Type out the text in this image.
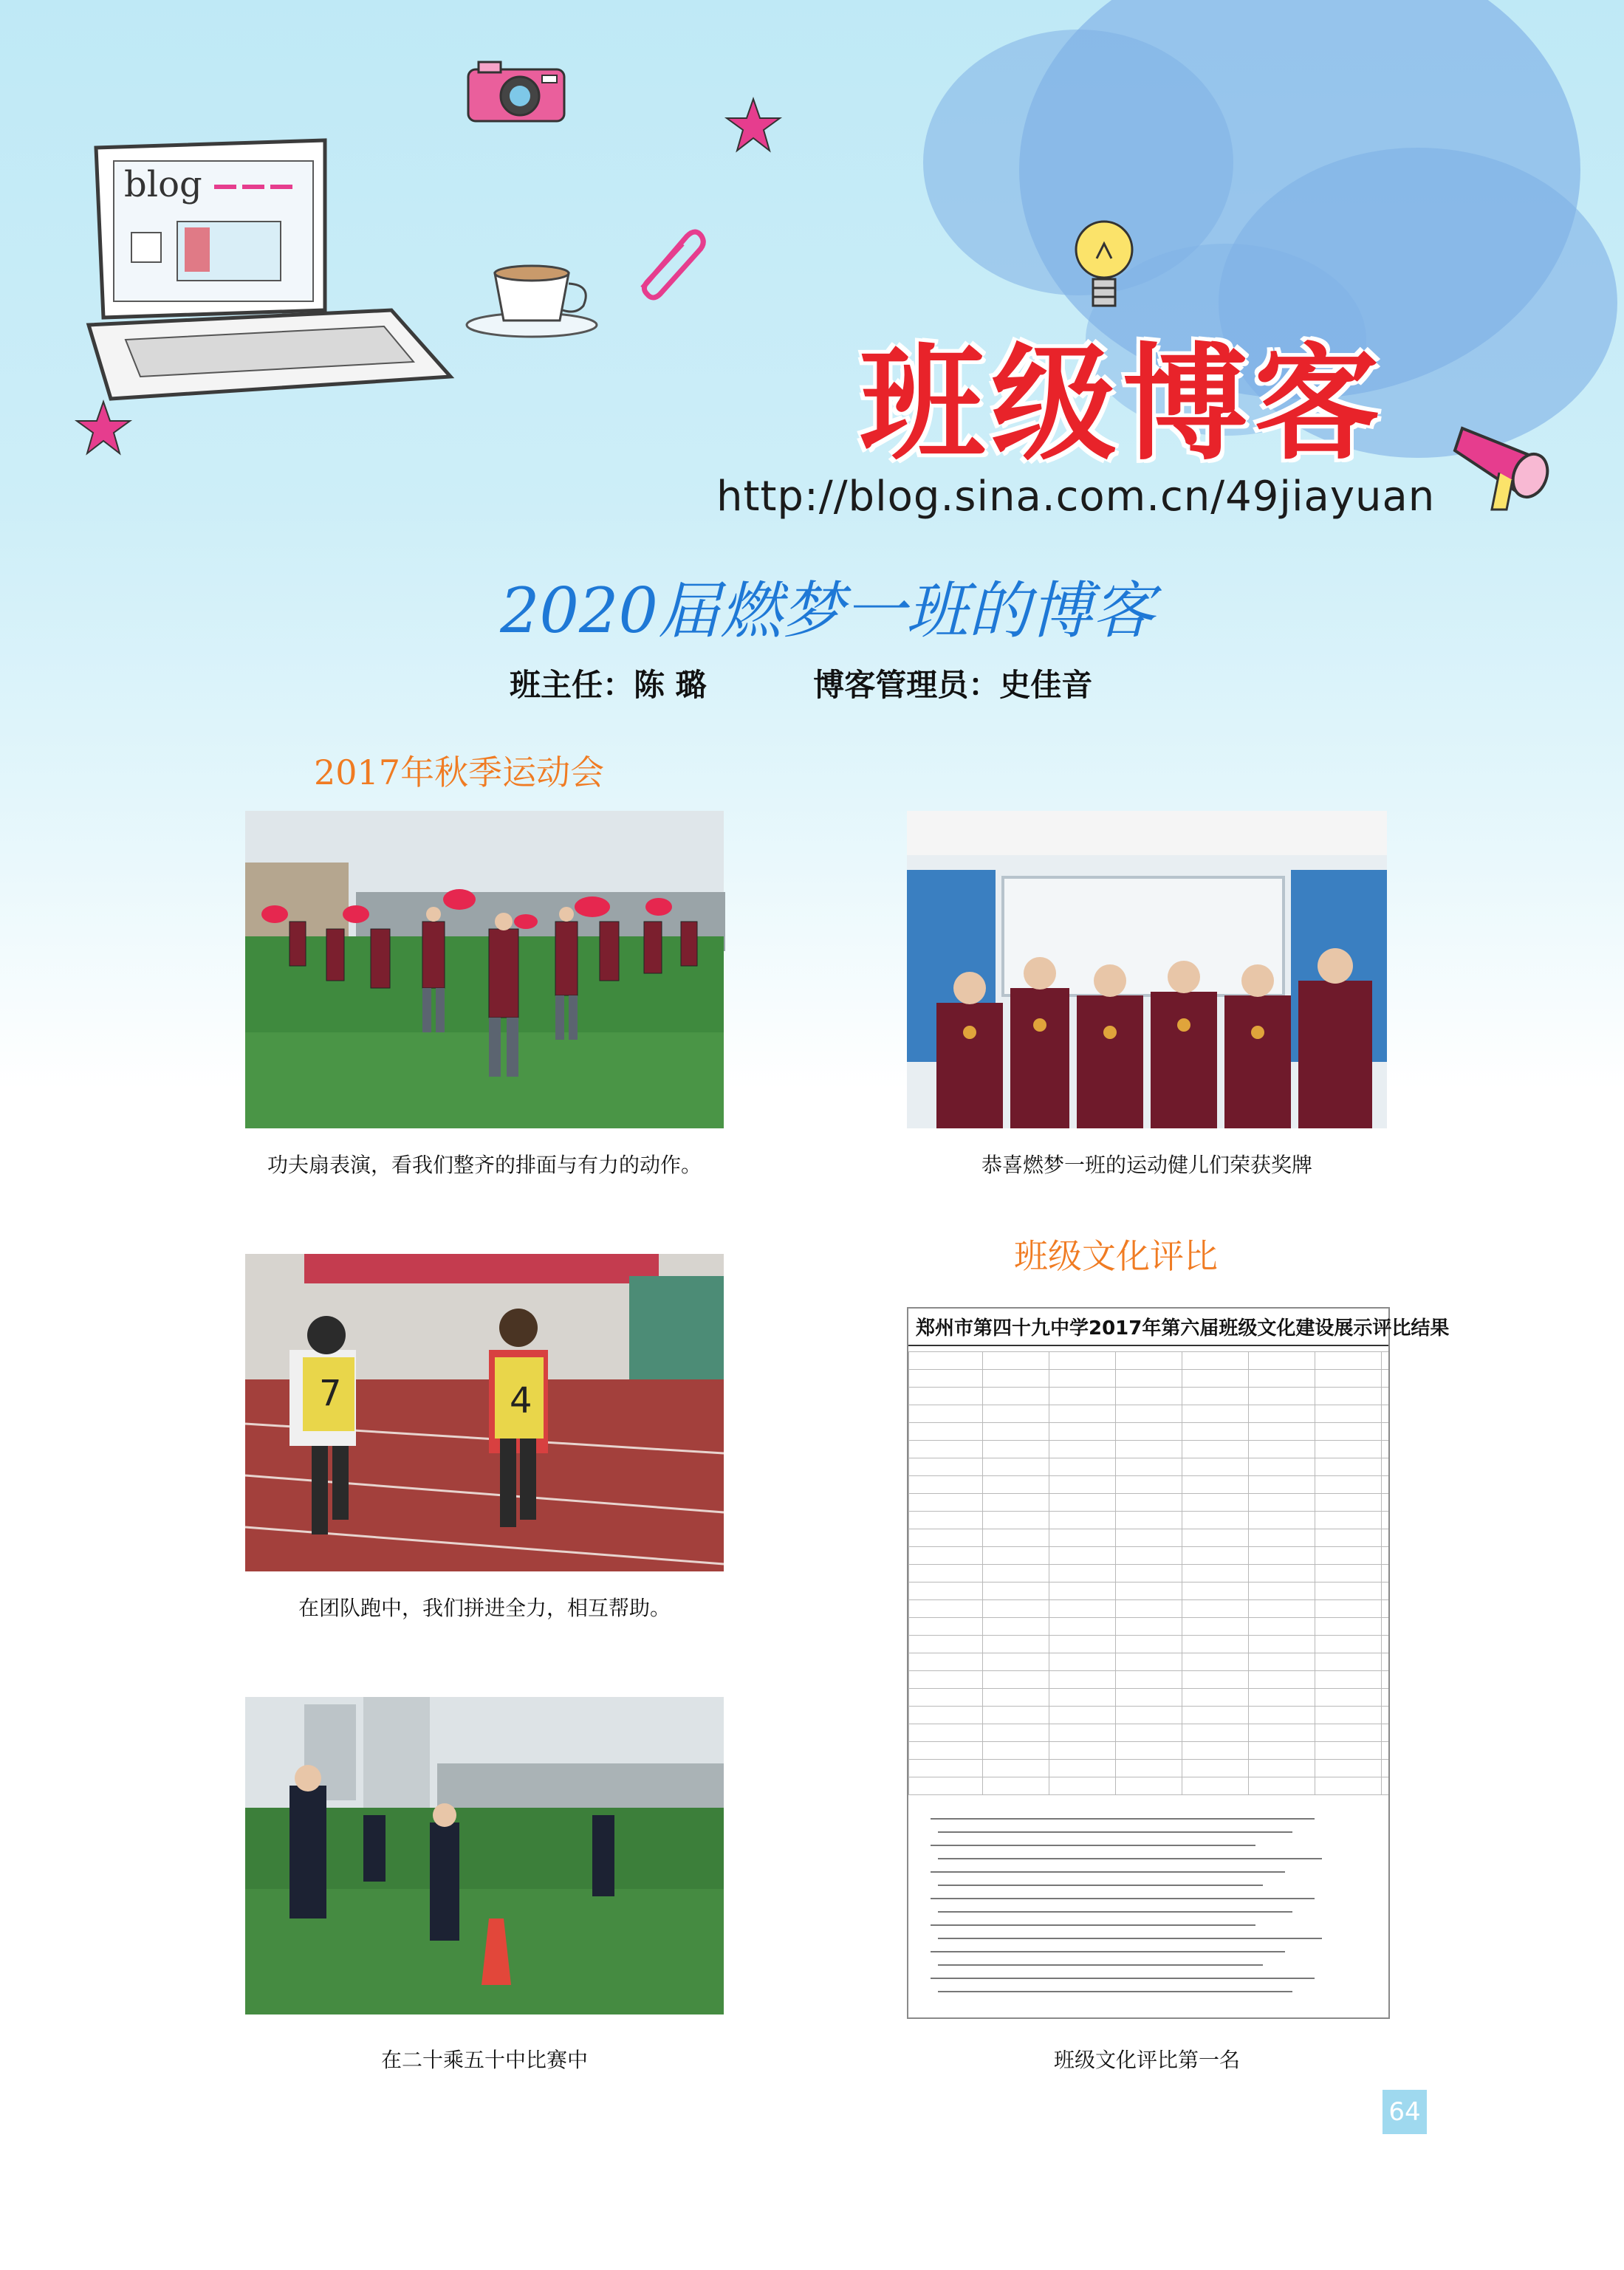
blog
班级博客
http://blog.sina.com.cn/49jiayuan
2020届燃梦一班的博客
班主任：陈 璐	博客管理员：史佳音
2017年秋季运动会
功夫扇表演，看我们整齐的排面与有力的动作。	恭喜燃梦一班的运动健儿们荣获奖牌
班级文化评比
7	4
在团队跑中，我们拼进全力，相互帮助。
郑州市第四十九中学2017年第六届班级文化建设展示评比结果
在二十乘五十中比赛中	班级文化评比第一名
64
